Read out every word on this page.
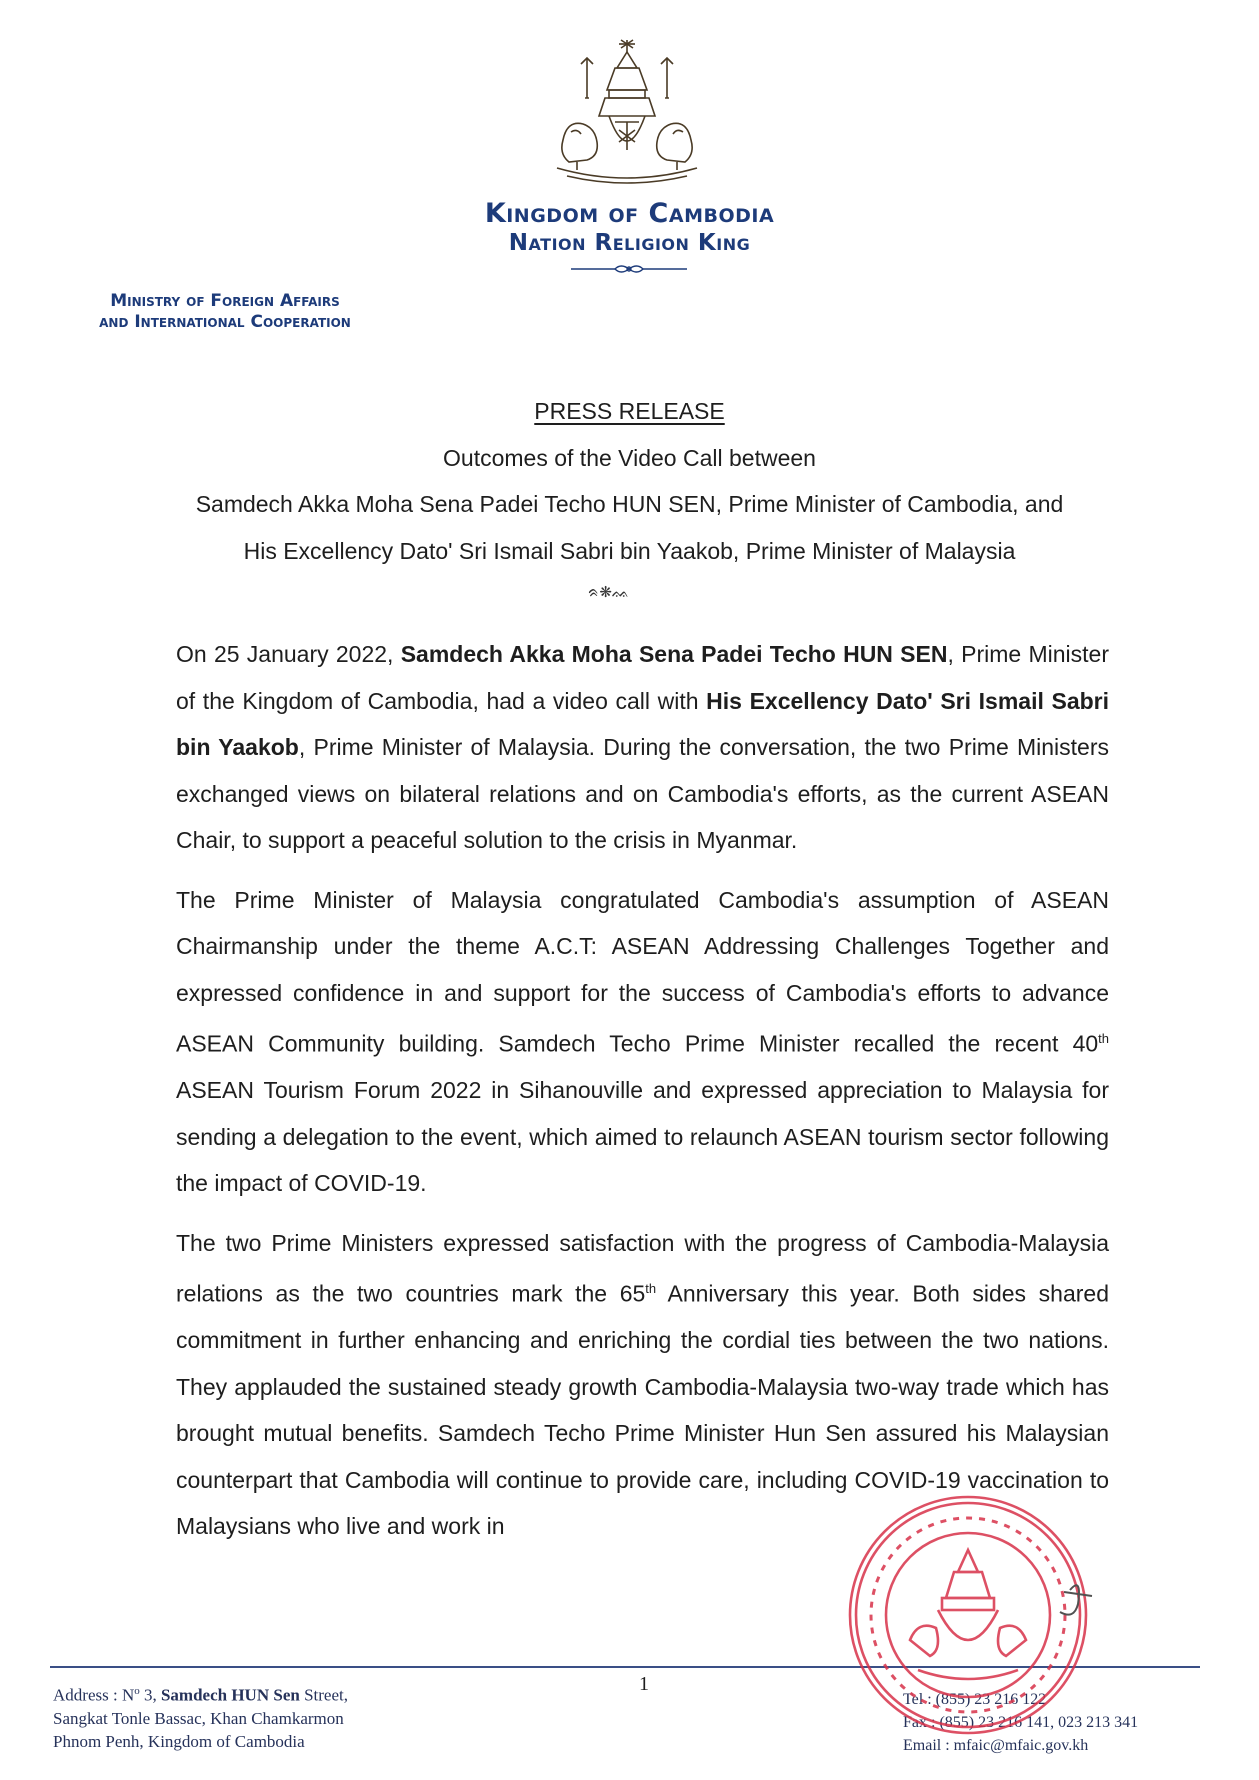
Kingdom of Cambodia
Nation Religion King
Ministry of Foreign Affairs
and International Cooperation
PRESS RELEASE
Outcomes of the Video Call between
Samdech Akka Moha Sena Padei Techo HUN SEN, Prime Minister of Cambodia, and
His Excellency Dato' Sri Ismail Sabri bin Yaakob, Prime Minister of Malaysia
ᨑ❋ᨐ

On 25 January 2022, Samdech Akka Moha Sena Padei Techo HUN SEN, Prime Minister of the Kingdom of Cambodia, had a video call with His Excellency Dato' Sri Ismail Sabri bin Yaakob, Prime Minister of Malaysia. During the conversation, the two Prime Ministers exchanged views on bilateral relations and on Cambodia's efforts, as the current ASEAN Chair, to support a peaceful solution to the crisis in Myanmar.

The Prime Minister of Malaysia congratulated Cambodia's assumption of ASEAN Chairmanship under the theme A.C.T: ASEAN Addressing Challenges Together and expressed confidence in and support for the success of Cambodia's efforts to advance ASEAN Community building. Samdech Techo Prime Minister recalled the recent 40th ASEAN Tourism Forum 2022 in Sihanouville and expressed appreciation to Malaysia for sending a delegation to the event, which aimed to relaunch ASEAN tourism sector following the impact of COVID-19.

The two Prime Ministers expressed satisfaction with the progress of Cambodia-Malaysia relations as the two countries mark the 65th Anniversary this year. Both sides shared commitment in further enhancing and enriching the cordial ties between the two nations. They applauded the sustained steady growth Cambodia-Malaysia two-way trade which has brought mutual benefits. Samdech Techo Prime Minister Hun Sen assured his Malaysian counterpart that Cambodia will continue to provide care, including COVID-19 vaccination to Malaysians who live and work in

Address : $N^o$ 3, Samdech HUN Sen Street,
Sangkat Tonle Bassac, Khan Chamkarmon
Phnom Penh, Kingdom of Cambodia
1
Tel : (855) 23 216 122
Fax : (855) 23 216 141, 023 213 341
Email : mfaic@mfaic.gov.kh
